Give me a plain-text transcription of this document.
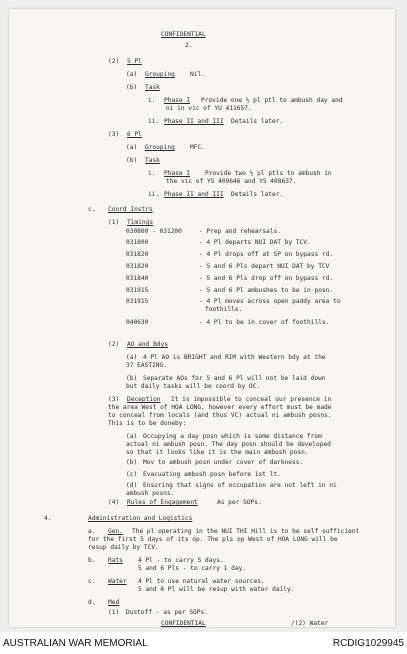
CONFIDENTIAL
2.
(2) 5 Pl
(a) Grouping Nil.
(b) Task
i. Phase I Provide one ½ pl ptl to ambush day and
ni in vic of YU 411657.
ii. Phase II and III Details later.
(3) 6 Pl
(a) Grouping MFC.
(b) Task
i. Phase I Provide two ½ pl ptls to ambush in
the vic of YS 409646 and YS 408637.
ii. Phase II and III Details later.
c. Coord Instrs
(1) Timings
030800 - 031200	- Prep and rehearsals.
031800	- 4 Pl departs NUI DAT by TCV.
031820	- 4 Pl drops off at SP on bypass rd.
031820	- 5 and 6 Pls depart NUI DAT by TCV
031840	- 5 and 6 Pls drop off on bypass rd.
031915	- 5 and 6 Pl ambushes to be in posn.
031915	- 4 Pl moves across open paddy area to
foothills.
040630	- 4 Pl to be in cover of foothills.
(2) AO and Bdys
(a) 4 Pl AO is BRIGHT and RIM with Western bdy at the
37 EASTING.
(b) Separate AOs for 5 and 6 Pl will not be laid down
but daily tasks will be coord by OC.
(3) Deception It is impossible to conceal our presence in
the area West of HOA LONG, however every effort must be made
to conceal from locals (and thus VC) actual ni ambush posns.
This is to be doneby:
(a) Occupying a day posn which is some distance from
actual ni ambush posn. The day posn should be developed
so that it looks like it is the main ambush posn.
(b) Mov to ambush posn under cover of darkness.
(c) Evacuating ambush posn before 1st lt.
(d) Ensuring that signs of occupation are not left in ni
ambush posns.
(4) Rules of Engagement	As per SOPs.
4.	Administration and Logistics
a. Gen. The pl operating in the NUI THI Hill is to be self sufficient
for the first 5 days of its op. The pls op West of HOA LONG will be
resup daily by TCV.
b. Rats 4 Pl - to carry 5 days.
5 and 6 Pls - to carry 1 day.
c. Water 4 Pl to use natural water sources.
5 and 6 Pl will be resup with water daily.
d. Med
(1) Dustoff - as per SOPs.
CONFIDENTIAL	/(2) Water
AUSTRALIAN WAR MEMORIAL	RCDIG1029945
